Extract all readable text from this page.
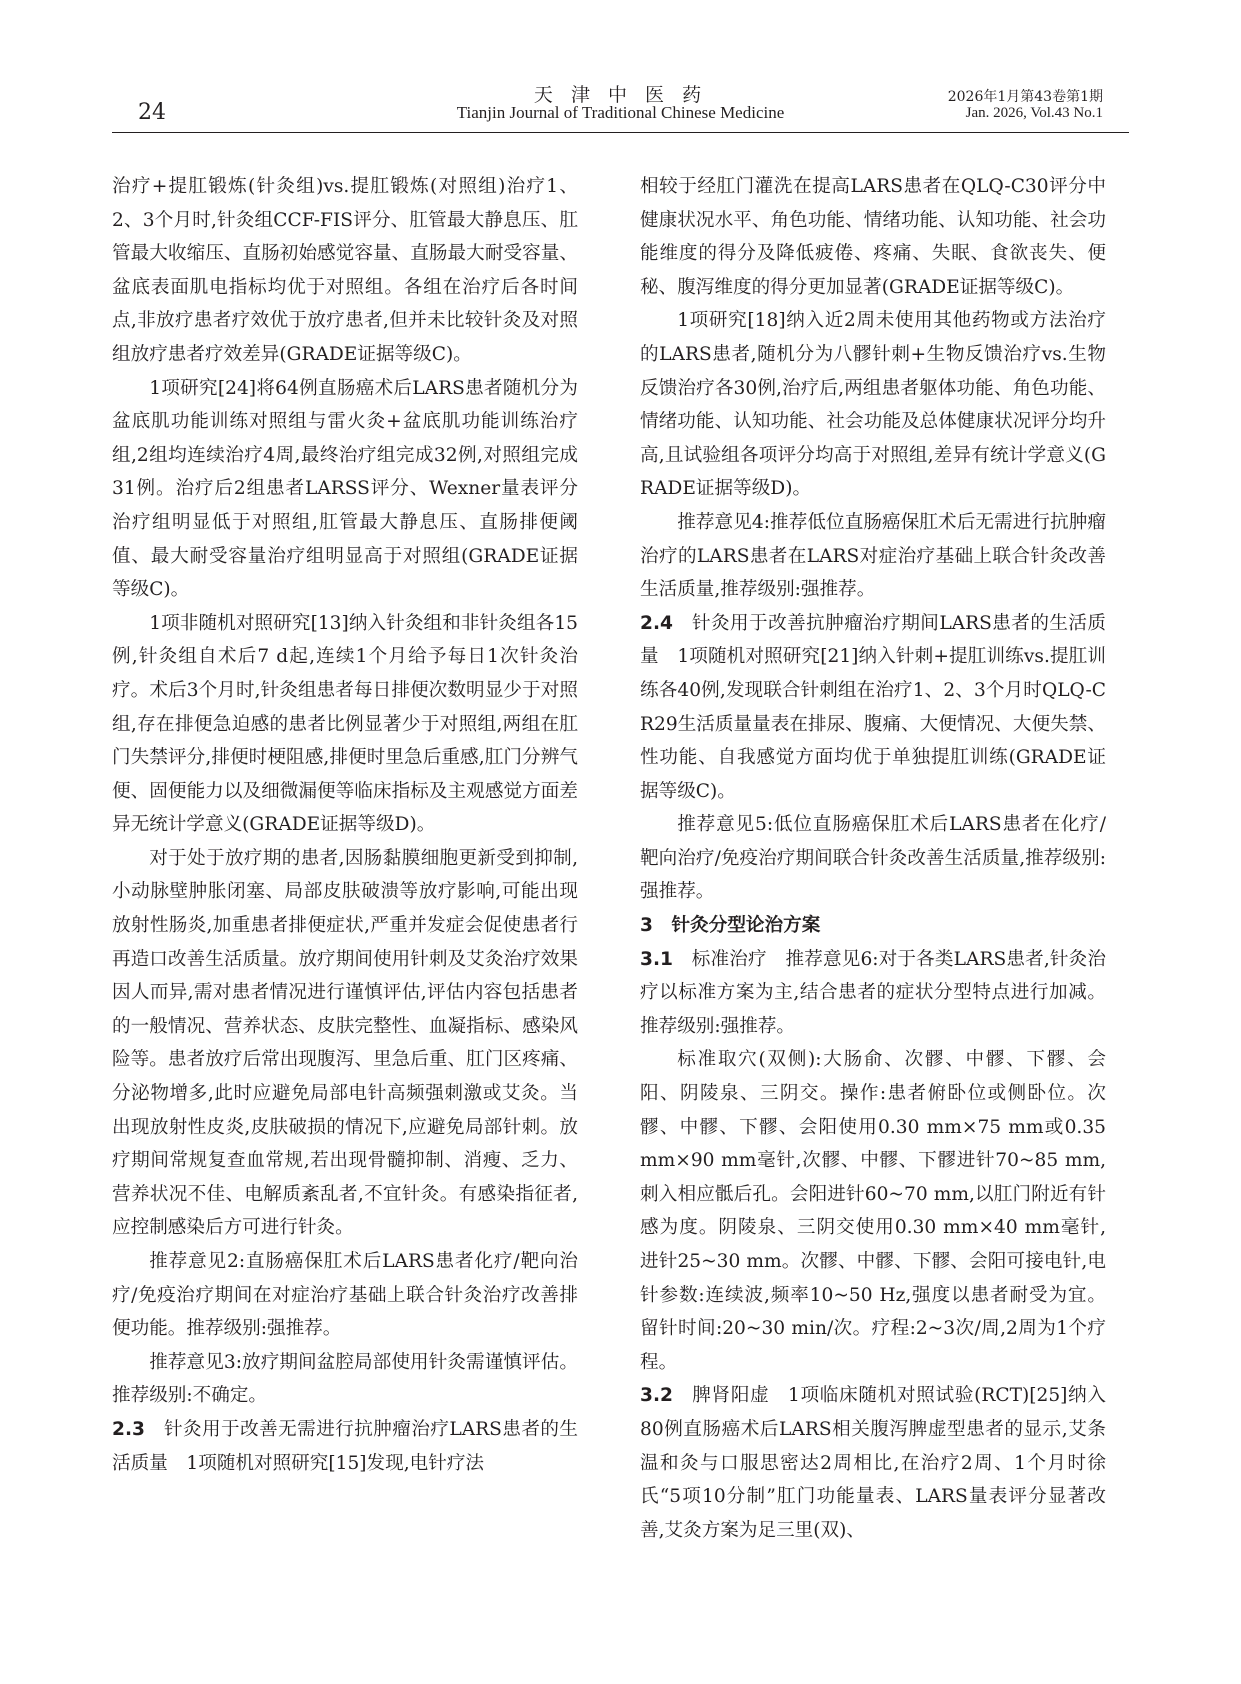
24
天 津 中 医 药
Tianjin Journal of Traditional Chinese Medicine
2026年1月第43卷第1期
Jan. 2026, Vol.43 No.1

治疗+提肛锻炼(针灸组)vs.提肛锻炼(对照组)治疗1、2、3个月时,针灸组CCF-FIS评分、肛管最大静息压、肛管最大收缩压、直肠初始感觉容量、直肠最大耐受容量、盆底表面肌电指标均优于对照组。各组在治疗后各时间点,非放疗患者疗效优于放疗患者,但并未比较针灸及对照组放疗患者疗效差异(GRADE证据等级C)。

1项研究[24]将64例直肠癌术后LARS患者随机分为盆底肌功能训练对照组与雷火灸+盆底肌功能训练治疗组,2组均连续治疗4周,最终治疗组完成32例,对照组完成31例。治疗后2组患者LARSS评分、Wexner量表评分治疗组明显低于对照组,肛管最大静息压、直肠排便阈值、最大耐受容量治疗组明显高于对照组(GRADE证据等级C)。

1项非随机对照研究[13]纳入针灸组和非针灸组各15例,针灸组自术后7 d起,连续1个月给予每日1次针灸治疗。术后3个月时,针灸组患者每日排便次数明显少于对照组,存在排便急迫感的患者比例显著少于对照组,两组在肛门失禁评分,排便时梗阻感,排便时里急后重感,肛门分辨气便、固便能力以及细微漏便等临床指标及主观感觉方面差异无统计学意义(GRADE证据等级D)。

对于处于放疗期的患者,因肠黏膜细胞更新受到抑制,小动脉壁肿胀闭塞、局部皮肤破溃等放疗影响,可能出现放射性肠炎,加重患者排便症状,严重并发症会促使患者行再造口改善生活质量。放疗期间使用针刺及艾灸治疗效果因人而异,需对患者情况进行谨慎评估,评估内容包括患者的一般情况、营养状态、皮肤完整性、血凝指标、感染风险等。患者放疗后常出现腹泻、里急后重、肛门区疼痛、分泌物增多,此时应避免局部电针高频强刺激或艾灸。当出现放射性皮炎,皮肤破损的情况下,应避免局部针刺。放疗期间常规复查血常规,若出现骨髓抑制、消瘦、乏力、营养状况不佳、电解质紊乱者,不宜针灸。有感染指征者,应控制感染后方可进行针灸。

推荐意见2:直肠癌保肛术后LARS患者化疗/靶向治疗/免疫治疗期间在对症治疗基础上联合针灸治疗改善排便功能。推荐级别:强推荐。

推荐意见3:放疗期间盆腔局部使用针灸需谨慎评估。推荐级别:不确定。

2.3 针灸用于改善无需进行抗肿瘤治疗LARS患者的生活质量 1项随机对照研究[15]发现,电针疗法

相较于经肛门灌洗在提高LARS患者在QLQ-C30评分中健康状况水平、角色功能、情绪功能、认知功能、社会功能维度的得分及降低疲倦、疼痛、失眠、食欲丧失、便秘、腹泻维度的得分更加显著(GRADE证据等级C)。

1项研究[18]纳入近2周未使用其他药物或方法治疗的LARS患者,随机分为八髎针刺+生物反馈治疗vs.生物反馈治疗各30例,治疗后,两组患者躯体功能、角色功能、情绪功能、认知功能、社会功能及总体健康状况评分均升高,且试验组各项评分均高于对照组,差异有统计学意义(GRADE证据等级D)。

推荐意见4:推荐低位直肠癌保肛术后无需进行抗肿瘤治疗的LARS患者在LARS对症治疗基础上联合针灸改善生活质量,推荐级别:强推荐。

2.4 针灸用于改善抗肿瘤治疗期间LARS患者的生活质量 1项随机对照研究[21]纳入针刺+提肛训练vs.提肛训练各40例,发现联合针刺组在治疗1、2、3个月时QLQ-CR29生活质量量表在排尿、腹痛、大便情况、大便失禁、性功能、自我感觉方面均优于单独提肛训练(GRADE证据等级C)。

推荐意见5:低位直肠癌保肛术后LARS患者在化疗/靶向治疗/免疫治疗期间联合针灸改善生活质量,推荐级别:强推荐。

3 针灸分型论治方案

3.1 标准治疗 推荐意见6:对于各类LARS患者,针灸治疗以标准方案为主,结合患者的症状分型特点进行加减。推荐级别:强推荐。

标准取穴(双侧):大肠俞、次髎、中髎、下髎、会阳、阴陵泉、三阴交。操作:患者俯卧位或侧卧位。次髎、中髎、下髎、会阳使用0.30 mm×75 mm或0.35 mm×90 mm毫针,次髎、中髎、下髎进针70~85 mm,刺入相应骶后孔。会阳进针60~70 mm,以肛门附近有针感为度。阴陵泉、三阴交使用0.30 mm×40 mm毫针,进针25~30 mm。次髎、中髎、下髎、会阳可接电针,电针参数:连续波,频率10~50 Hz,强度以患者耐受为宜。留针时间:20~30 min/次。疗程:2~3次/周,2周为1个疗程。

3.2 脾肾阳虚 1项临床随机对照试验(RCT)[25]纳入80例直肠癌术后LARS相关腹泻脾虚型患者的显示,艾条温和灸与口服思密达2周相比,在治疗2周、1个月时徐氏“5项10分制”肛门功能量表、LARS量表评分显著改善,艾灸方案为足三里(双)、
